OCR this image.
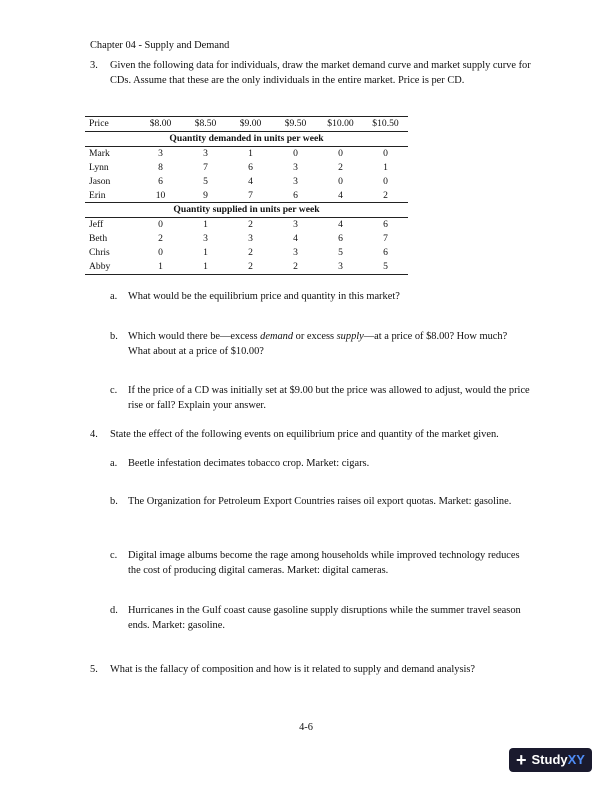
Chapter 04 - Supply and Demand
3. Given the following data for individuals, draw the market demand curve and market supply curve for CDs. Assume that these are the only individuals in the entire market. Price is per CD.
Price	$8.00	$8.50	$9.00	$9.50	$10.00	$10.50
Quantity demanded in units per week						
Mark	3	3	1	0	0	0
Lynn	8	7	6	3	2	1
Jason	6	5	4	3	0	0
Erin	10	9	7	6	4	2
Quantity supplied in units per week						
Jeff	0	1	2	3	4	6
Beth	2	3	3	4	6	7
Chris	0	1	2	3	5	6
Abby	1	1	2	2	3	5
a. What would be the equilibrium price and quantity in this market?
b. Which would there be—excess demand or excess supply—at a price of $8.00? How much? What about at a price of $10.00?
c. If the price of a CD was initially set at $9.00 but the price was allowed to adjust, would the price rise or fall? Explain your answer.
4. State the effect of the following events on equilibrium price and quantity of the market given.
a. Beetle infestation decimates tobacco crop. Market: cigars.
b. The Organization for Petroleum Export Countries raises oil export quotas. Market: gasoline.
c. Digital image albums become the rage among households while improved technology reduces the cost of producing digital cameras. Market: digital cameras.
d. Hurricanes in the Gulf coast cause gasoline supply disruptions while the summer travel season ends. Market: gasoline.
5. What is the fallacy of composition and how is it related to supply and demand analysis?
4-6
+ Study XY
